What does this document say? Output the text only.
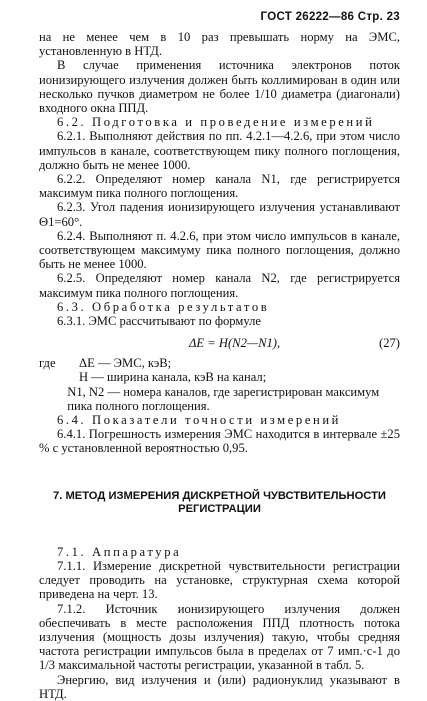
ГОСТ 26222—86 Стр. 23

на не менее чем в 10 раз превышать норму на ЭМС, установленную в НТД.

В случае применения источника электронов поток ионизирующего излучения должен быть коллимирован в один или несколько пучков диаметром не более 1/10 диаметра (диагонали) входного окна ППД.

6.2. Подготовка и проведение измерений

6.2.1. Выполняют действия по пп. 4.2.1—4.2.6, при этом число импульсов в канале, соответствующем пику полного поглощения, должно быть не менее 1000.

6.2.2. Определяют номер канала N1, где регистрируется максимум пика полного поглощения.

6.2.3. Угол падения ионизирующего излучения устанавливают Θ1=60°.

6.2.4. Выполняют п. 4.2.6, при этом число импульсов в канале, соответствующем максимуму пика полного поглощения, должно быть не менее 1000.

6.2.5. Определяют номер канала N2, где регистрируется максимум пика полного поглощения.

6.3. Обработка результатов

6.3.1. ЭМС рассчитывают по формуле

ΔE = H(N2—N1),	(27)
где	ΔE — ЭМС, кэВ;
H — ширина канала, кэВ на канал;
N1, N2 — номера каналов, где зарегистрирован максимум пика полного поглощения.

6.4. Показатели точности измерений

6.4.1. Погрешность измерения ЭМС находится в интервале ±25 % с установленной вероятностью 0,95.

7. МЕТОД ИЗМЕРЕНИЯ ДИСКРЕТНОЙ ЧУВСТВИТЕЛЬНОСТИ РЕГИСТРАЦИИ

7.1. Аппаратура

7.1.1. Измерение дискретной чувствительности регистрации следует проводить на установке, структурная схема которой приведена на черт. 13.

7.1.2. Источник ионизирующего излучения должен обеспечивать в месте расположения ППД плотность потока излучения (мощность дозы излучения) такую, чтобы средняя частота регистрации импульсов была в пределах от 7 имп.·с-1 до 1/3 максимальной частоты регистрации, указанной в табл. 5.

Энергию, вид излучения и (или) радионуклид указывают в НТД.
